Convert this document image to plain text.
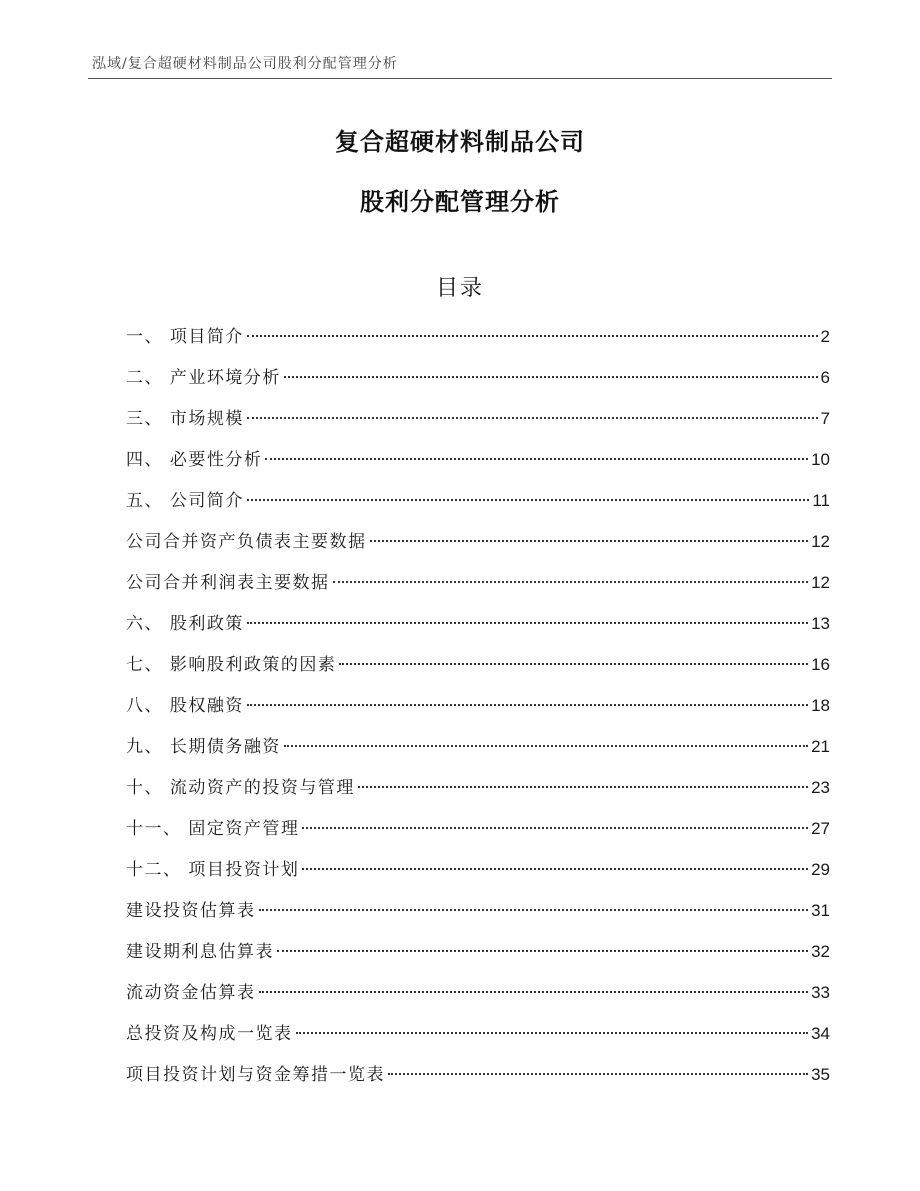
泓域/复合超硬材料制品公司股利分配管理分析
复合超硬材料制品公司
股利分配管理分析
目录
一、 项目简介	2
二、 产业环境分析	6
三、 市场规模	7
四、 必要性分析	10
五、 公司简介	11
公司合并资产负债表主要数据	12
公司合并利润表主要数据	12
六、 股利政策	13
七、 影响股利政策的因素	16
八、 股权融资	18
九、 长期债务融资	21
十、 流动资产的投资与管理	23
十一、 固定资产管理	27
十二、 项目投资计划	29
建设投资估算表	31
建设期利息估算表	32
流动资金估算表	33
总投资及构成一览表	34
项目投资计划与资金筹措一览表	35
